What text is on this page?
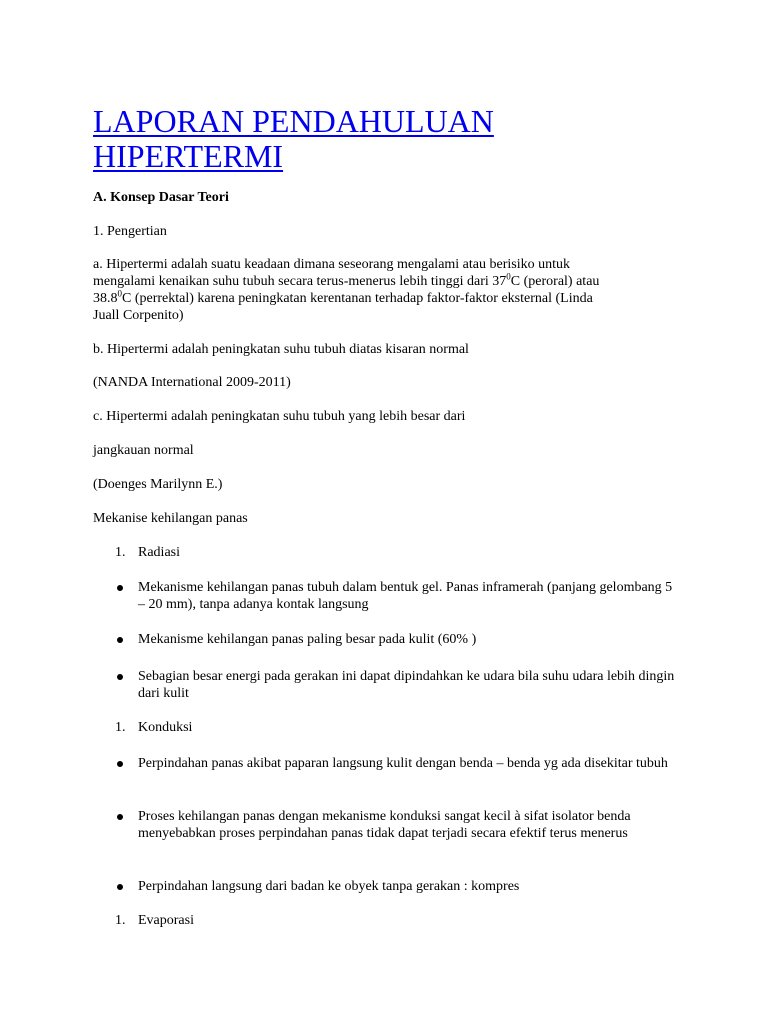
LAPORAN PENDAHULUAN
HIPERTERMI

A. Konsep Dasar Teori

1. Pengertian

a. Hipertermi adalah suatu keadaan dimana seseorang mengalami atau berisiko untuk
mengalami kenaikan suhu tubuh secara terus-menerus lebih tinggi dari $37^0C$ (peroral) atau
38.8$^0$C (perrektal) karena peningkatan kerentanan terhadap faktor-faktor eksternal (Linda
Juall Corpenito)

b. Hipertermi adalah peningkatan suhu tubuh diatas kisaran normal

(NANDA International 2009-2011)

c. Hipertermi adalah peningkatan suhu tubuh yang lebih besar dari

jangkauan normal

(Doenges Marilynn E.)

Mekanise kehilangan panas

1. Radiasi
Mekanisme kehilangan panas tubuh dalam bentuk gel. Panas inframerah (panjang gelombang 5 – 20 mm), tanpa adanya kontak langsung
Mekanisme kehilangan panas paling besar pada kulit (60% )
Sebagian besar energi pada gerakan ini dapat dipindahkan ke udara bila suhu udara lebih dingin dari kulit
1. Konduksi
Perpindahan panas akibat paparan langsung kulit dengan benda – benda yg ada disekitar tubuh
Proses kehilangan panas dengan mekanisme konduksi sangat kecil à sifat isolator benda menyebabkan proses perpindahan panas tidak dapat terjadi secara efektif terus menerus
Perpindahan langsung dari badan ke obyek tanpa gerakan : kompres
1. Evaporasi
